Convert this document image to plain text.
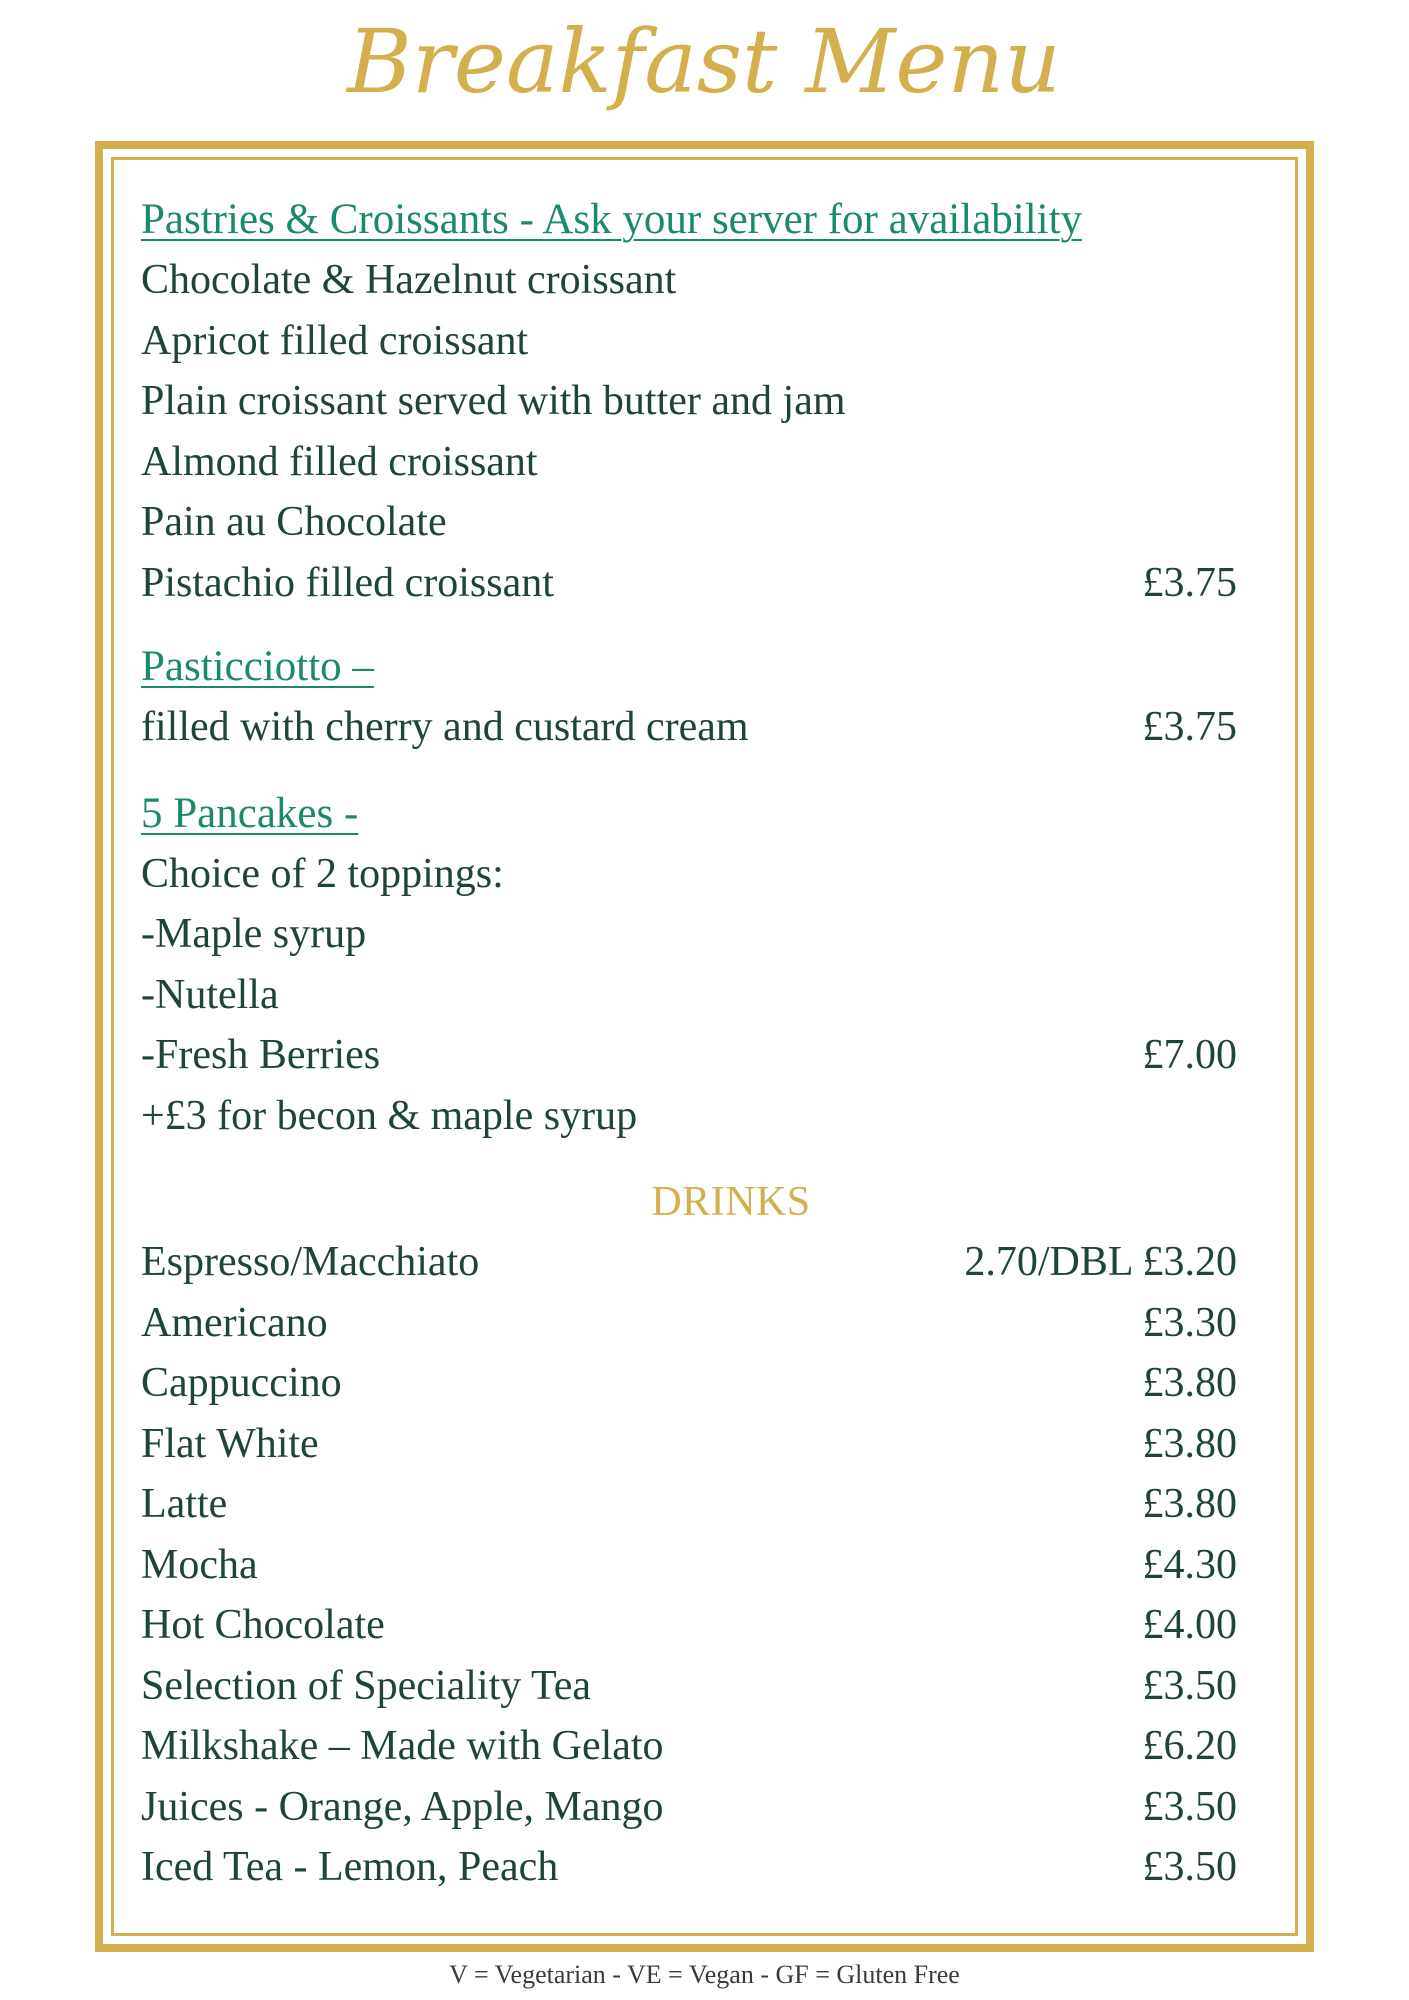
Breakfast Menu
Pastries & Croissants - Ask your server for availability
Chocolate & Hazelnut croissant
Apricot filled croissant
Plain croissant served with butter and jam
Almond filled croissant
Pain au Chocolate
Pistachio filled croissant	£3.75
Pasticciotto –
filled with cherry and custard cream	£3.75
5 Pancakes -
Choice of 2 toppings:
-Maple syrup
-Nutella
-Fresh Berries	£7.00
+£3 for becon & maple syrup
DRINKS
Espresso/Macchiato	2.70/DBL £3.20
Americano	£3.30
Cappuccino	£3.80
Flat White	£3.80
Latte	£3.80
Mocha	£4.30
Hot Chocolate	£4.00
Selection of Speciality Tea	£3.50
Milkshake – Made with Gelato	£6.20
Juices - Orange, Apple, Mango	£3.50
Iced Tea - Lemon, Peach	£3.50
V = Vegetarian - VE = Vegan - GF = Gluten Free
